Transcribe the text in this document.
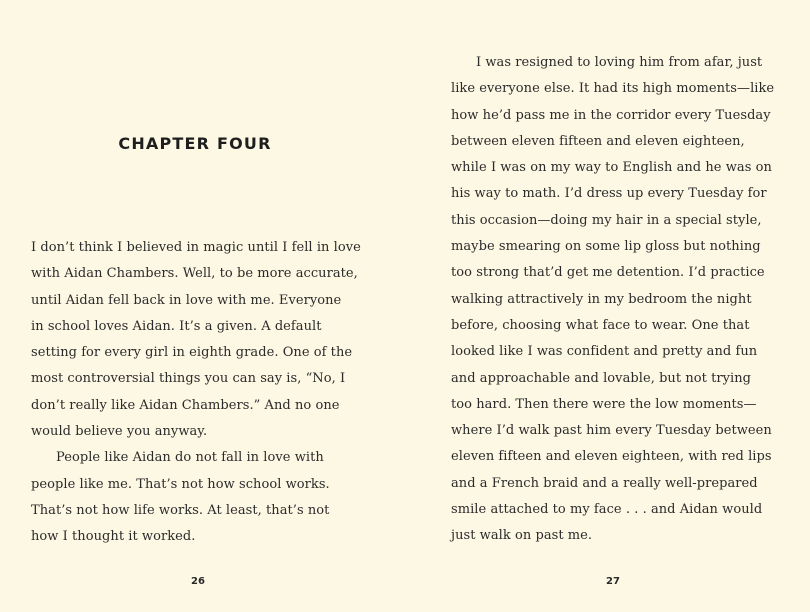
CHAPTER FOUR
I don’t think I believed in magic until I fell in love
with Aidan Chambers. Well, to be more accurate,
until Aidan fell back in love with me. Everyone
in school loves Aidan. It’s a given. A default
setting for every girl in eighth grade. One of the
most controversial things you can say is, “No, I
don’t really like Aidan Chambers.” And no one
would believe you anyway.
People like Aidan do not fall in love with
people like me. That’s not how school works.
That’s not how life works. At least, that’s not
how I thought it worked.
26
I was resigned to loving him from afar, just
like everyone else. It had its high moments—like
how he’d pass me in the corridor every Tuesday
between eleven fifteen and eleven eighteen,
while I was on my way to English and he was on
his way to math. I’d dress up every Tuesday for
this occasion—doing my hair in a special style,
maybe smearing on some lip gloss but nothing
too strong that’d get me detention. I’d practice
walking attractively in my bedroom the night
before, choosing what face to wear. One that
looked like I was confident and pretty and fun
and approachable and lovable, but not trying
too hard. Then there were the low moments—
where I’d walk past him every Tuesday between
eleven fifteen and eleven eighteen, with red lips
and a French braid and a really well-prepared
smile attached to my face . . . and Aidan would
just walk on past me.
27
